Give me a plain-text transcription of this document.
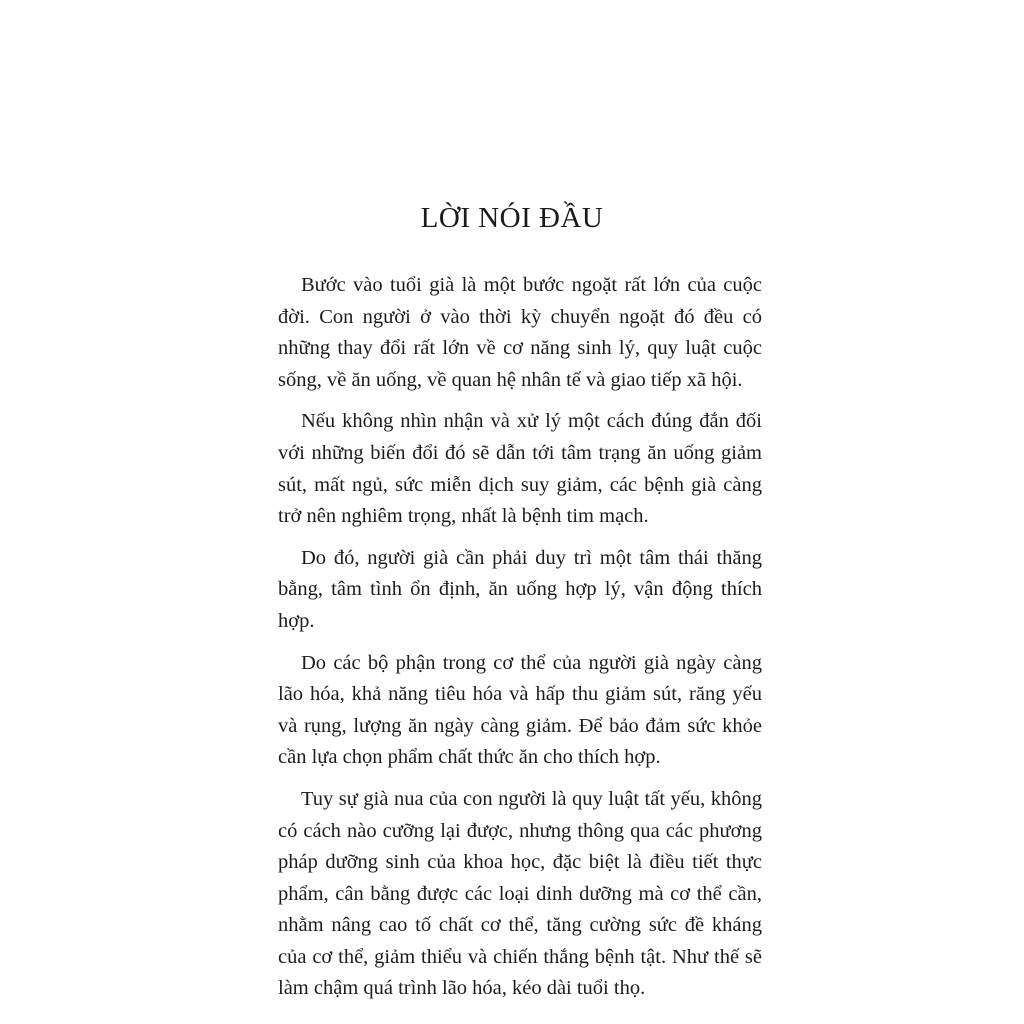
LỜI NÓI ĐẦU

Bước vào tuổi già là một bước ngoặt rất lớn của cuộc đời. Con người ở vào thời kỳ chuyển ngoặt đó đều có những thay đổi rất lớn về cơ năng sinh lý, quy luật cuộc sống, về ăn uống, về quan hệ nhân tế và giao tiếp xã hội.

Nếu không nhìn nhận và xử lý một cách đúng đắn đối với những biến đổi đó sẽ dẫn tới tâm trạng ăn uống giảm sút, mất ngủ, sức miễn dịch suy giảm, các bệnh già càng trở nên nghiêm trọng, nhất là bệnh tim mạch.

Do đó, người già cần phải duy trì một tâm thái thăng bằng, tâm tình ổn định, ăn uống hợp lý, vận động thích hợp.

Do các bộ phận trong cơ thể của người già ngày càng lão hóa, khả năng tiêu hóa và hấp thu giảm sút, răng yếu và rụng, lượng ăn ngày càng giảm. Để bảo đảm sức khỏe cần lựa chọn phẩm chất thức ăn cho thích hợp.

Tuy sự già nua của con người là quy luật tất yếu, không có cách nào cưỡng lại được, nhưng thông qua các phương pháp dưỡng sinh của khoa học, đặc biệt là điều tiết thực phẩm, cân bằng được các loại dinh dưỡng mà cơ thể cần, nhằm nâng cao tố chất cơ thể, tăng cường sức đề kháng của cơ thể, giảm thiểu và chiến thắng bệnh tật. Như thế sẽ làm chậm quá trình lão hóa, kéo dài tuổi thọ.
